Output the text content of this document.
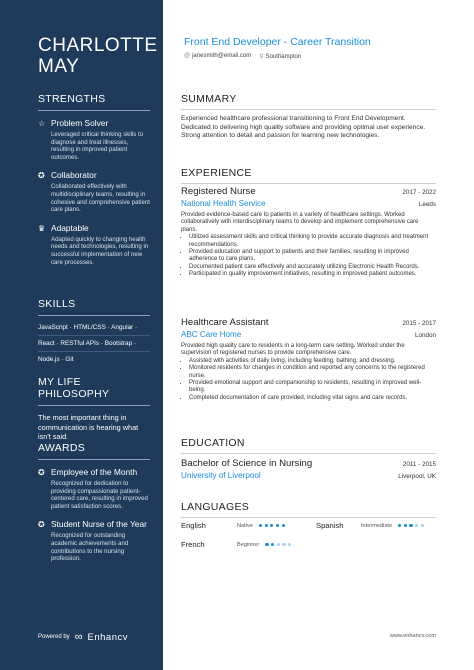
CHARLOTTE
MAY
STRENGTHS
☆ Problem Solver
Leveraged critical thinking skills to diagnose and treat illnesses, resulting in improved patient outcomes.
✪ Collaborator
Collaborated effectively with multidisciplinary teams, resulting in cohesive and comprehensive patient care plans.
♛ Adaptable
Adapted quickly to changing health needs and technologies, resulting in successful implementation of new care processes.
SKILLS
JavaScript · HTML/CSS · Angular ·
React · RESTful APIs · Bootstrap ·
Node.js · Git
MY LIFE PHILOSOPHY
The most important thing in communication is hearing what isn't said.
AWARDS
✪ Employee of the Month
Recognized for dedication to providing compassionate patient-centered care, resulting in improved patient satisfaction scores.
✪ Student Nurse of the Year
Recognized for outstanding academic achievements and contributions to the nursing profession.
Powered by ∞ Enhancv
Front End Developer - Career Transition
@ janesmith@email.com ⚲ Southampton
SUMMARY
Experienced healthcare professional transitioning to Front End Development. Dedicated to delivering high quality software and providing optimal user experience. Strong attention to detail and passion for learning new technologies.
EXPERIENCE
Registered Nurse	2017 - 2022
National Health Service	Leeds
Provided evidence-based care to patients in a variety of healthcare settings. Worked collaboratively with interdisciplinary teams to develop and implement comprehensive care plans.
• Utilized assessment skills and critical thinking to provide accurate diagnosis and treatment recommendations.
• Provided education and support to patients and their families, resulting in improved adherence to care plans.
• Documented patient care effectively and accurately utilizing Electronic Health Records.
• Participated in quality improvement initiatives, resulting in improved patient outcomes.
Healthcare Assistant	2015 - 2017
ABC Care Home	London
Provided high quality care to residents in a long-term care setting. Worked under the supervision of registered nurses to provide comprehensive care.
• Assisted with activities of daily living, including feeding, bathing, and dressing.
• Monitored residents for changes in condition and reported any concerns to the registered nurse.
• Provided emotional support and companionship to residents, resulting in improved well-being.
• Completed documentation of care provided, including vital signs and care records.
EDUCATION
Bachelor of Science in Nursing	2011 - 2015
University of Liverpool	Liverpool, UK
LANGUAGES
English	Native	Spanish	Intermediate
French	Beginner
www.enhancv.com
